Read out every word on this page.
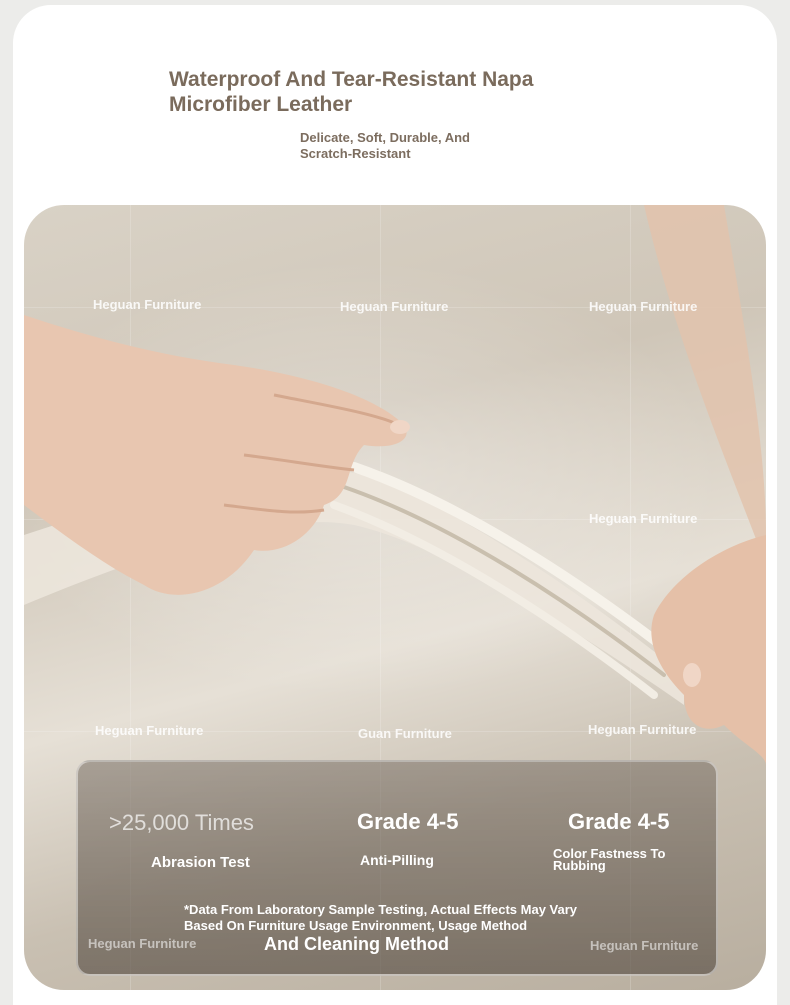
Waterproof And Tear-Resistant Napa Microfiber Leather
Delicate, Soft, Durable, And Scratch-Resistant
Heguan Furniture	Heguan Furniture	Heguan Furniture
Heguan Furniture
Heguan Furniture	Guan Furniture	Heguan Furniture
>25,000 Times	Grade 4-5	Grade 4-5
Abrasion Test	Anti-Pilling	Color Fastness To Rubbing
*Data From Laboratory Sample Testing, Actual Effects May Vary Based On Furniture Usage Environment, Usage Method
And Cleaning Method
Heguan Furniture	Heguan Furniture
